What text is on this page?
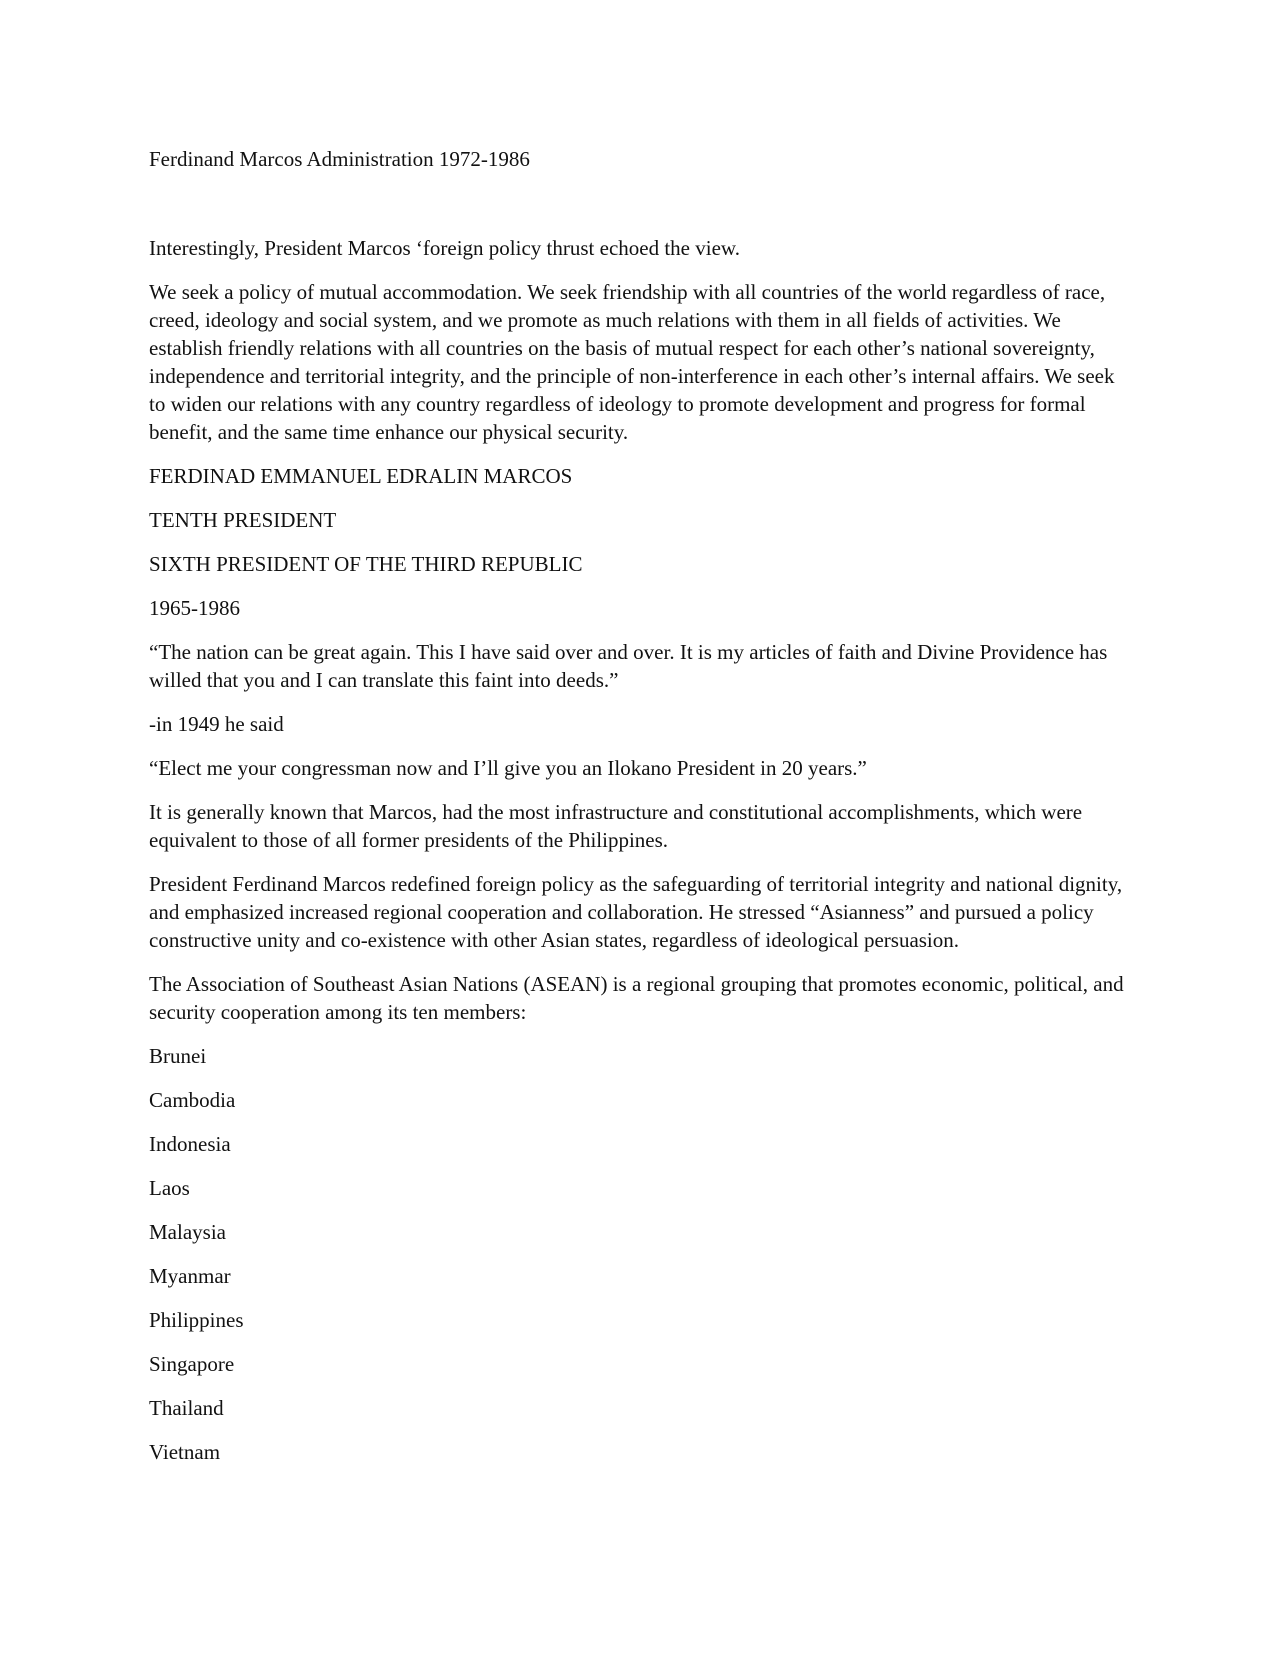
Ferdinand Marcos Administration 1972-1986

Interestingly, President Marcos ‘foreign policy thrust echoed the view.

We seek a policy of mutual accommodation. We seek friendship with all countries of the world regardless of race, creed, ideology and social system, and we promote as much relations with them in all fields of activities. We establish friendly relations with all countries on the basis of mutual respect for each other’s national sovereignty, independence and territorial integrity, and the principle of non-interference in each other’s internal affairs. We seek to widen our relations with any country regardless of ideology to promote development and progress for formal benefit, and the same time enhance our physical security.

FERDINAD EMMANUEL EDRALIN MARCOS

TENTH PRESIDENT

SIXTH PRESIDENT OF THE THIRD REPUBLIC

1965-1986

“The nation can be great again. This I have said over and over. It is my articles of faith and Divine Providence has willed that you and I can translate this faint into deeds.”

-in 1949 he said

“Elect me your congressman now and I’ll give you an Ilokano President in 20 years.”

It is generally known that Marcos, had the most infrastructure and constitutional accomplishments, which were equivalent to those of all former presidents of the Philippines.

President Ferdinand Marcos redefined foreign policy as the safeguarding of territorial integrity and national dignity, and emphasized increased regional cooperation and collaboration. He stressed “Asianness” and pursued a policy constructive unity and co-existence with other Asian states, regardless of ideological persuasion.

The Association of Southeast Asian Nations (ASEAN) is a regional grouping that promotes economic, political, and security cooperation among its ten members:

Brunei
Cambodia
Indonesia
Laos
Malaysia
Myanmar
Philippines
Singapore
Thailand
Vietnam
